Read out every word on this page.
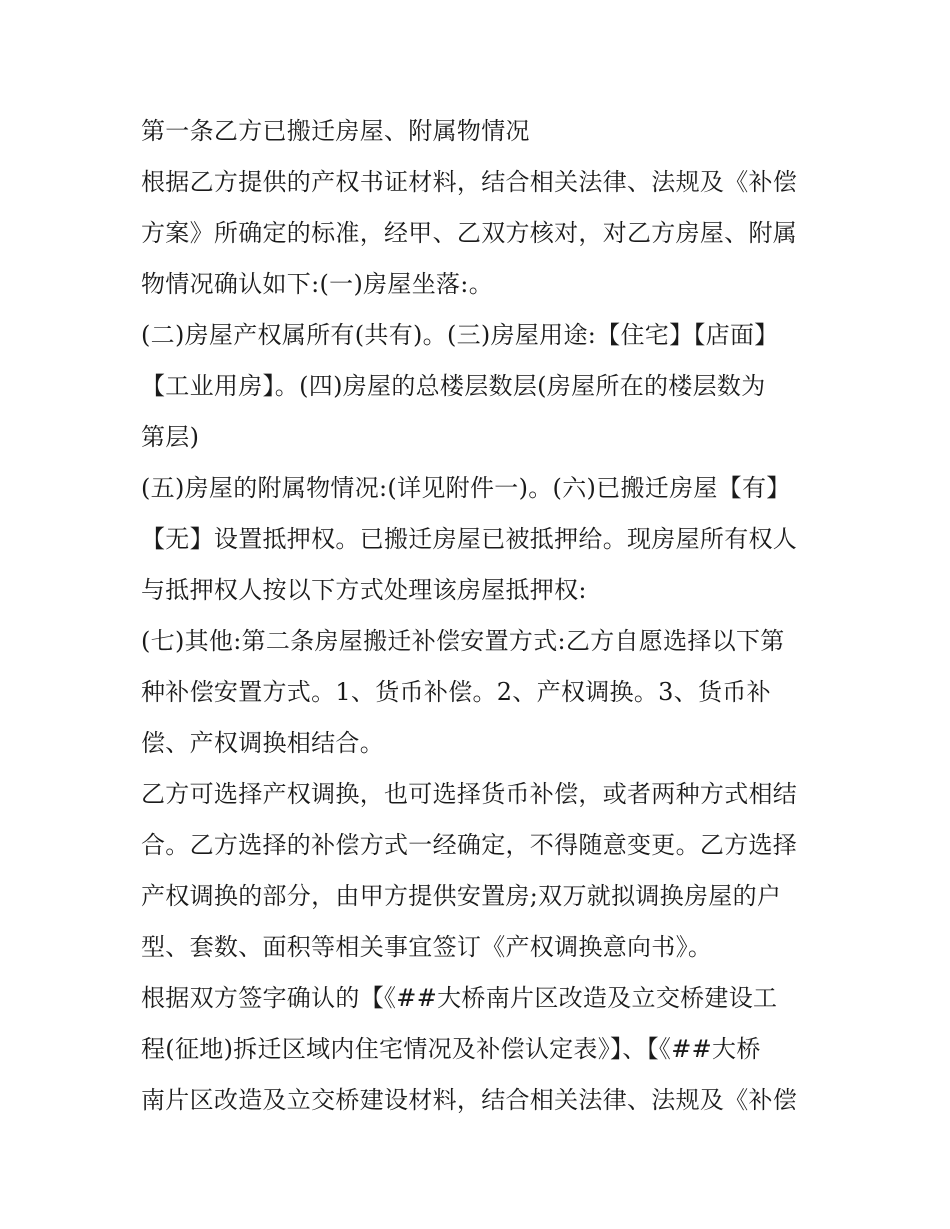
第一条乙方已搬迁房屋、附属物情况
根据乙方提供的产权书证材料，结合相关法律、法规及《补偿
方案》所确定的标准，经甲、乙双方核对，对乙方房屋、附属
物情况确认如下:(一)房屋坐落:。
(二)房屋产权属所有(共有)。(三)房屋用途:【住宅】【店面】
【工业用房】。(四)房屋的总楼层数层(房屋所在的楼层数为
第层)
(五)房屋的附属物情况:(详见附件一)。(六)已搬迁房屋【有】
【无】设置抵押权。已搬迁房屋已被抵押给。现房屋所有权人
与抵押权人按以下方式处理该房屋抵押权:
(七)其他:第二条房屋搬迁补偿安置方式:乙方自愿选择以下第
种补偿安置方式。1、货币补偿。2、产权调换。3、货币补
偿、产权调换相结合。
乙方可选择产权调换，也可选择货币补偿，或者两种方式相结
合。乙方选择的补偿方式一经确定，不得随意变更。乙方选择
产权调换的部分，由甲方提供安置房;双万就拟调换房屋的户
型、套数、面积等相关事宜签订《产权调换意向书》。
根据双方签字确认的【《##大桥南片区改造及立交桥建设工
程(征地)拆迁区域内住宅情况及补偿认定表》】、【《##大桥
南片区改造及立交桥建设材料，结合相关法律、法规及《补偿
